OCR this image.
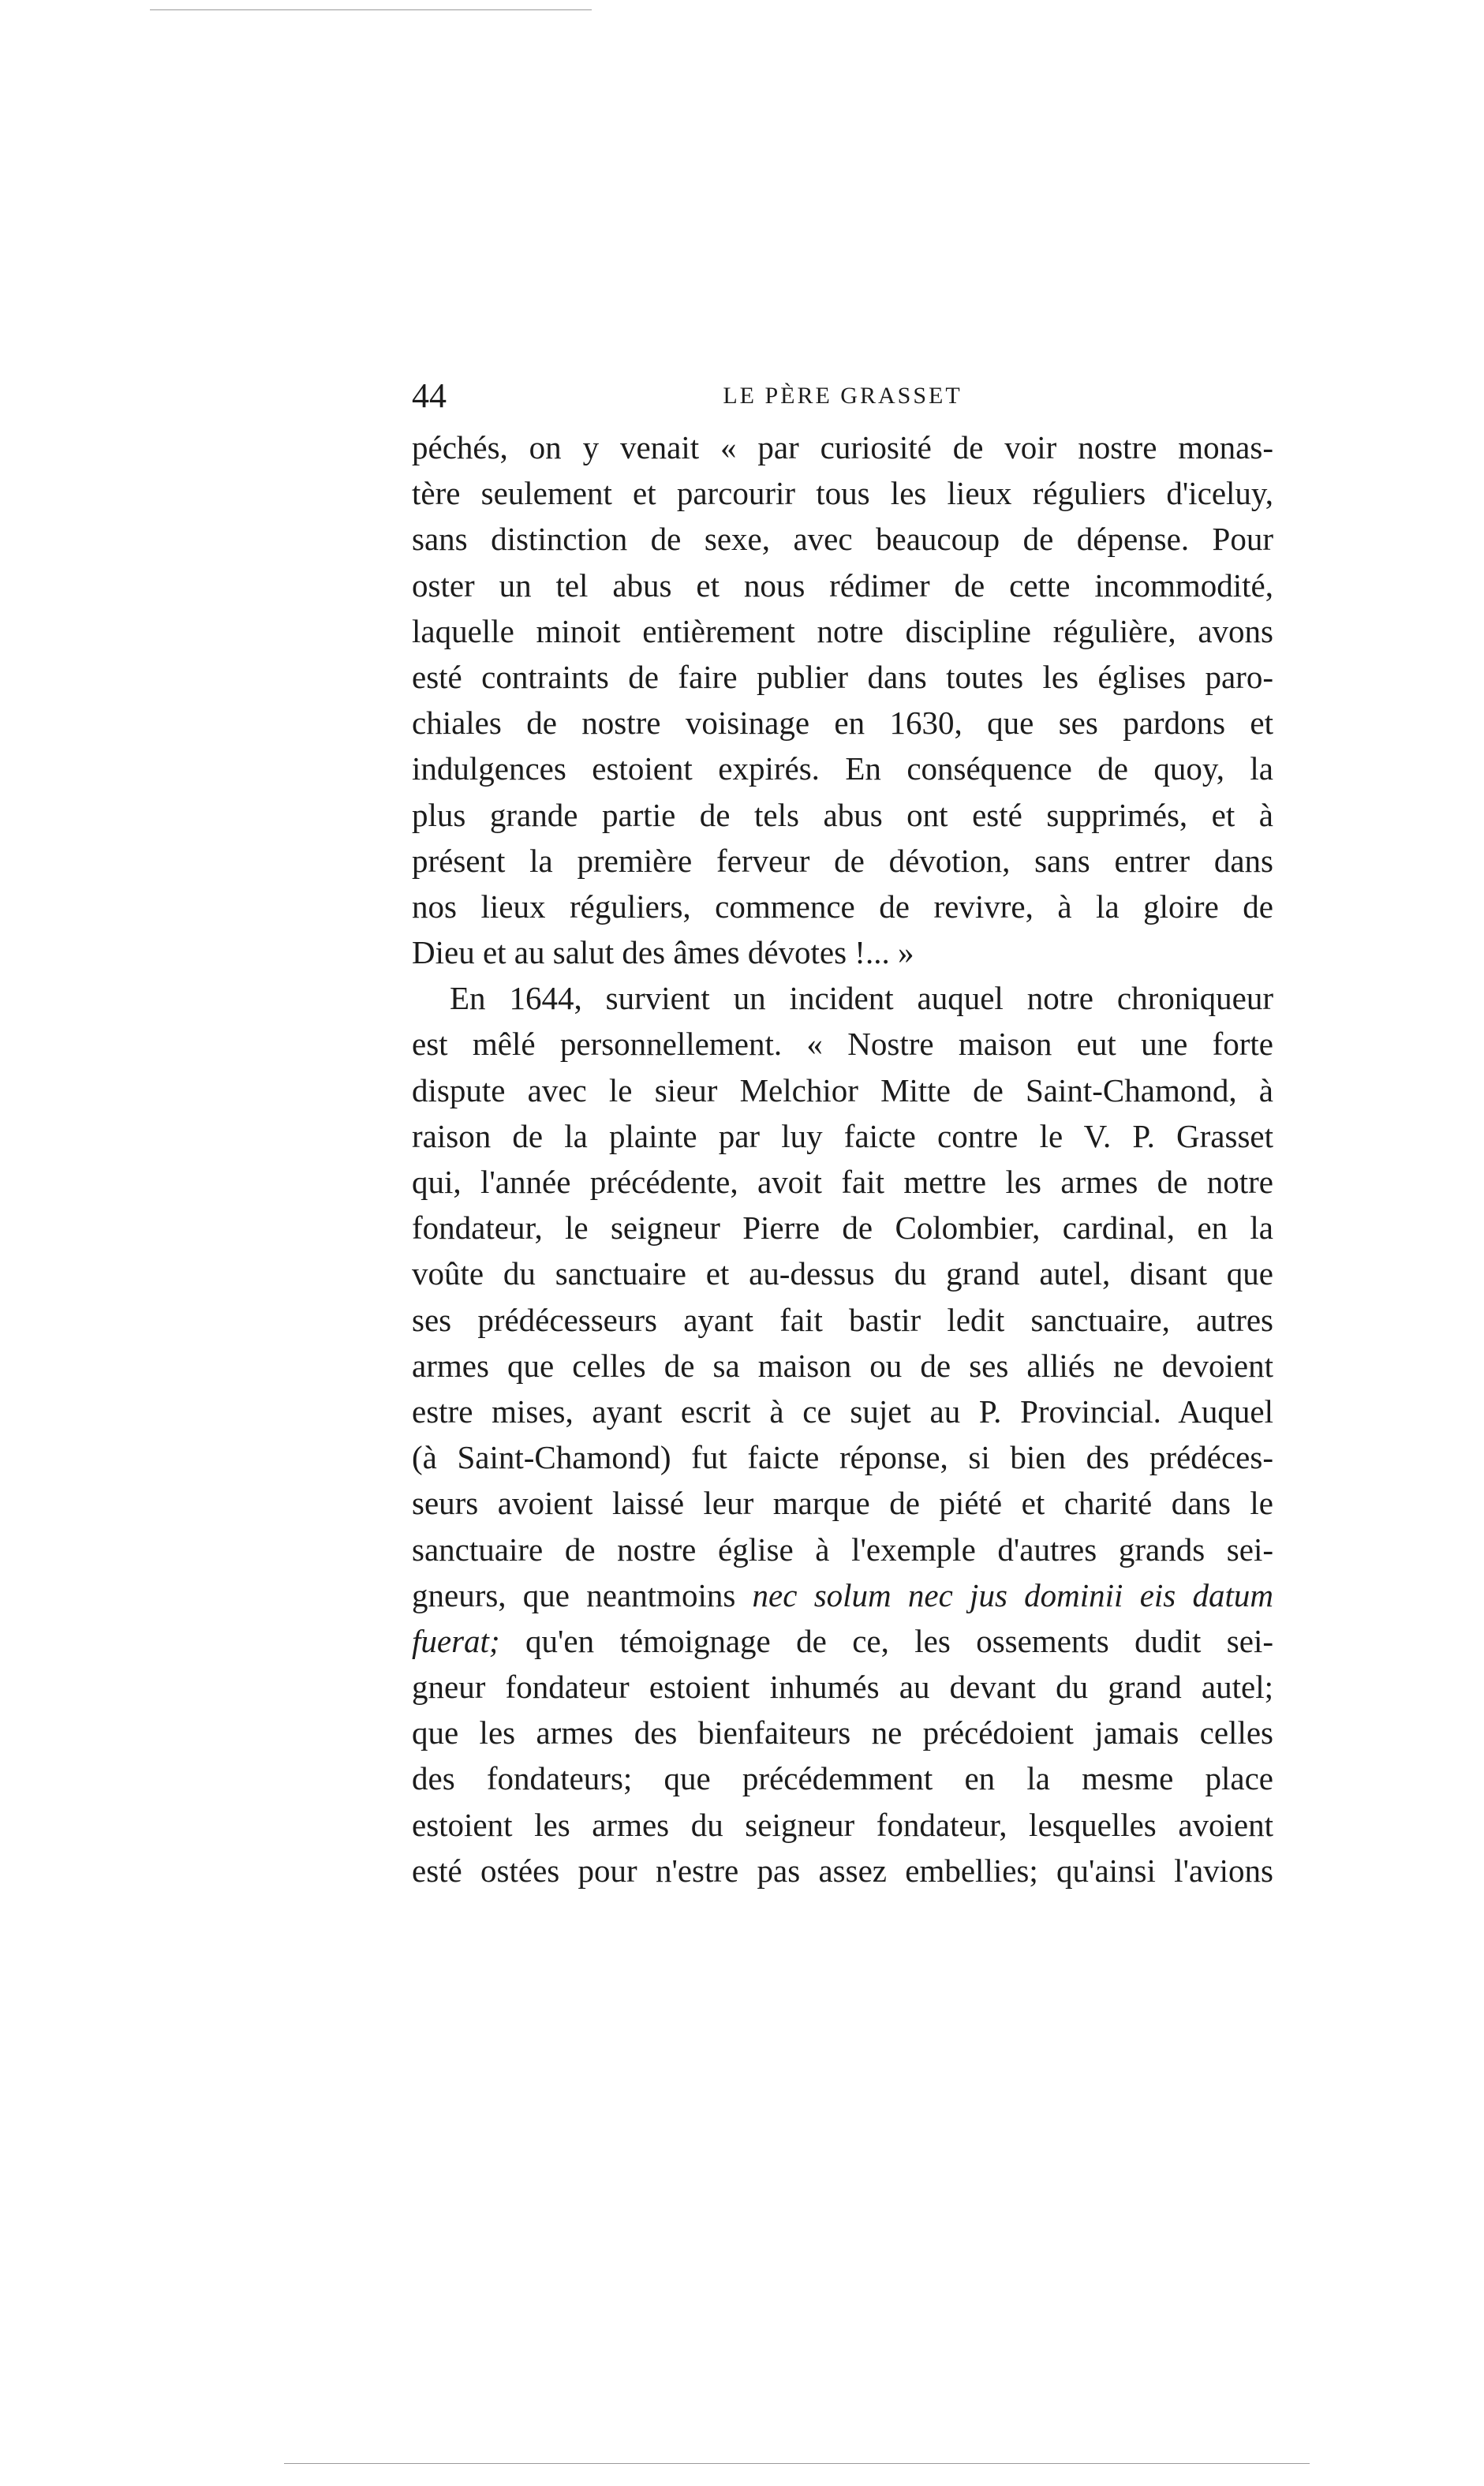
44	LE PÈRE GRASSET
péchés, on y venait « par curiosité de voir nostre monas-
tère seulement et parcourir tous les lieux réguliers d'iceluy,
sans distinction de sexe, avec beaucoup de dépense. Pour
oster un tel abus et nous rédimer de cette incommodité,
laquelle minoit entièrement notre discipline régulière, avons
esté contraints de faire publier dans toutes les églises paro-
chiales de nostre voisinage en 1630, que ses pardons et
indulgences estoient expirés. En conséquence de quoy, la
plus grande partie de tels abus ont esté supprimés, et à
présent la première ferveur de dévotion, sans entrer dans
nos lieux réguliers, commence de revivre, à la gloire de
Dieu et au salut des âmes dévotes !... »
En 1644, survient un incident auquel notre chroniqueur
est mêlé personnellement. « Nostre maison eut une forte
dispute avec le sieur Melchior Mitte de Saint-Chamond, à
raison de la plainte par luy faicte contre le V. P. Grasset
qui, l'année précédente, avoit fait mettre les armes de notre
fondateur, le seigneur Pierre de Colombier, cardinal, en la
voûte du sanctuaire et au-dessus du grand autel, disant que
ses prédécesseurs ayant fait bastir ledit sanctuaire, autres
armes que celles de sa maison ou de ses alliés ne devoient
estre mises, ayant escrit à ce sujet au P. Provincial. Auquel
(à Saint-Chamond) fut faicte réponse, si bien des prédéces-
seurs avoient laissé leur marque de piété et charité dans le
sanctuaire de nostre église à l'exemple d'autres grands sei-
gneurs, que neantmoins nec solum nec jus dominii eis datum
fuerat; qu'en témoignage de ce, les ossements dudit sei-
gneur fondateur estoient inhumés au devant du grand autel;
que les armes des bienfaiteurs ne précédoient jamais celles
des fondateurs; que précédemment en la mesme place
estoient les armes du seigneur fondateur, lesquelles avoient
esté ostées pour n'estre pas assez embellies; qu'ainsi l'avions
